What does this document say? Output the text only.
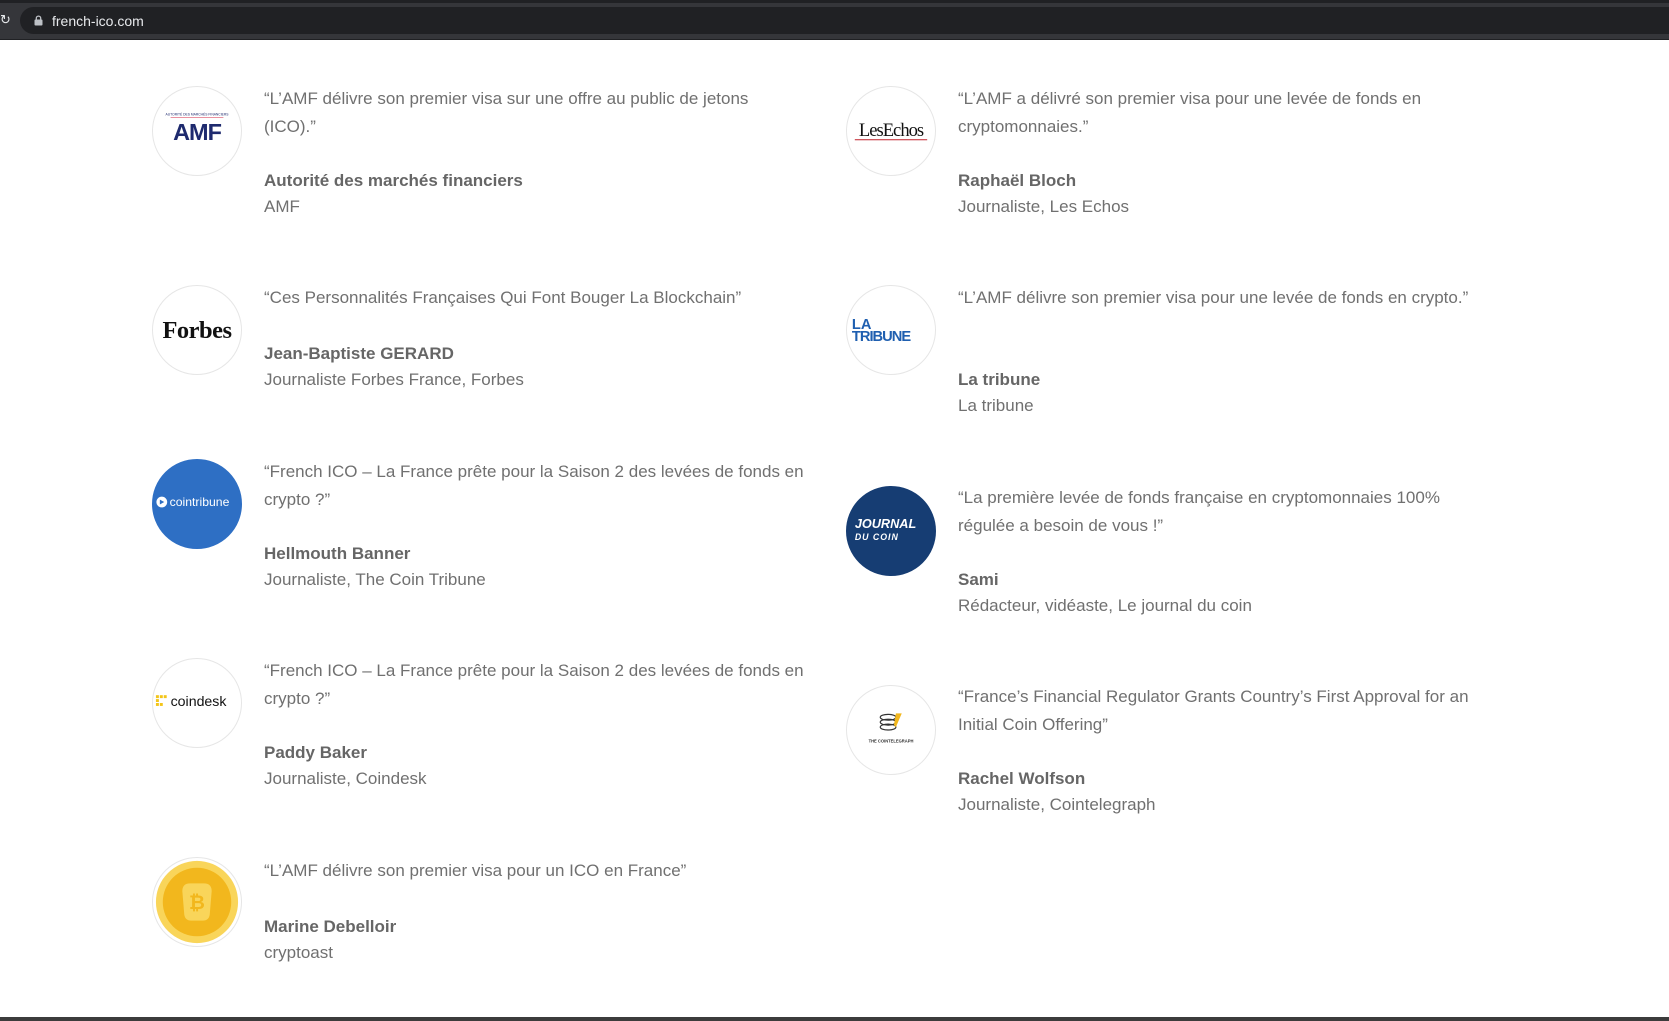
↻	french-ico.com
AUTORITÉ DES MARCHÉS FINANCIERS
AMF
“L’AMF délivre son premier visa sur une offre au public de jetons (ICO).”
Autorité des marchés financiers
AMF
LesEchos
“L’AMF a délivré son premier visa pour une levée de fonds en cryptomonnaies.”
Raphaël Bloch
Journaliste, Les Echos
Forbes
“Ces Personnalités Françaises Qui Font Bouger La Blockchain”
Jean-Baptiste GERARD
Journaliste Forbes France, Forbes
LA
TRIBUNE
“L’AMF délivre son premier visa pour une levée de fonds en crypto.”
La tribune
La tribune
cointribune
“French ICO – La France prête pour la Saison 2 des levées de fonds en crypto ?”
Hellmouth Banner
Journaliste, The Coin Tribune
JOURNAL
DU COIN
“La première levée de fonds française en cryptomonnaies 100% régulée a besoin de vous !”
Sami
Rédacteur, vidéaste, Le journal du coin
coindesk
“French ICO – La France prête pour la Saison 2 des levées de fonds en crypto ?”
Paddy Baker
Journaliste, Coindesk
THE COINTELEGRAPH
“France’s Financial Regulator Grants Country’s First Approval for an Initial Coin Offering”
Rachel Wolfson
Journaliste, Cointelegraph
₿
“L’AMF délivre son premier visa pour un ICO en France”
Marine Debelloir
cryptoast
